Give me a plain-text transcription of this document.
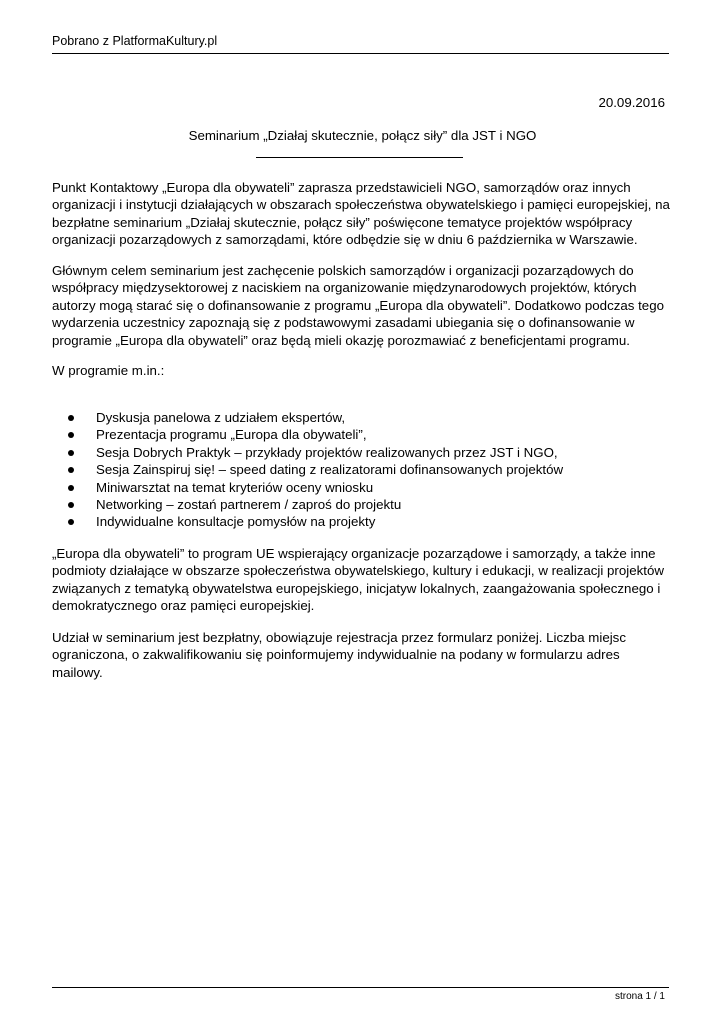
Pobrano z PlatformaKultury.pl
20.09.2016
Seminarium „Działaj skutecznie, połącz siły” dla JST i NGO

Punkt Kontaktowy „Europa dla obywateli” zaprasza przedstawicieli NGO, samorządów oraz innych organizacji i instytucji działających w obszarach społeczeństwa obywatelskiego i pamięci europejskiej, na bezpłatne seminarium „Działaj skutecznie, połącz siły” poświęcone tematyce projektów współpracy organizacji pozarządowych z samorządami, które odbędzie się w dniu 6 października w Warszawie.

Głównym celem seminarium jest zachęcenie polskich samorządów i organizacji pozarządowych do współpracy międzysektorowej z naciskiem na organizowanie międzynarodowych projektów, których autorzy mogą starać się o dofinansowanie z programu „Europa dla obywateli”. Dodatkowo podczas tego wydarzenia uczestnicy zapoznają się z podstawowymi zasadami ubiegania się o dofinansowanie w programie „Europa dla obywateli” oraz będą mieli okazję porozmawiać z beneficjentami programu.

W programie m.in.:

Dyskusja panelowa z udziałem ekspertów,
Prezentacja programu „Europa dla obywateli”,
Sesja Dobrych Praktyk – przykłady projektów realizowanych przez JST i NGO,
Sesja Zainspiruj się! – speed dating z realizatorami dofinansowanych projektów
Miniwarsztat na temat kryteriów oceny wniosku
Networking – zostań partnerem / zaproś do projektu
Indywidualne konsultacje pomysłów na projekty

„Europa dla obywateli” to program UE wspierający organizacje pozarządowe i samorządy, a także inne podmioty działające w obszarze społeczeństwa obywatelskiego, kultury i edukacji, w realizacji projektów związanych z tematyką obywatelstwa europejskiego, inicjatyw lokalnych, zaangażowania społecznego i demokratycznego oraz pamięci europejskiej.

Udział w seminarium jest bezpłatny, obowiązuje rejestracja przez formularz poniżej. Liczba miejsc ograniczona, o zakwalifikowaniu się poinformujemy indywidualnie na podany w formularzu adres mailowy.

strona 1 / 1
